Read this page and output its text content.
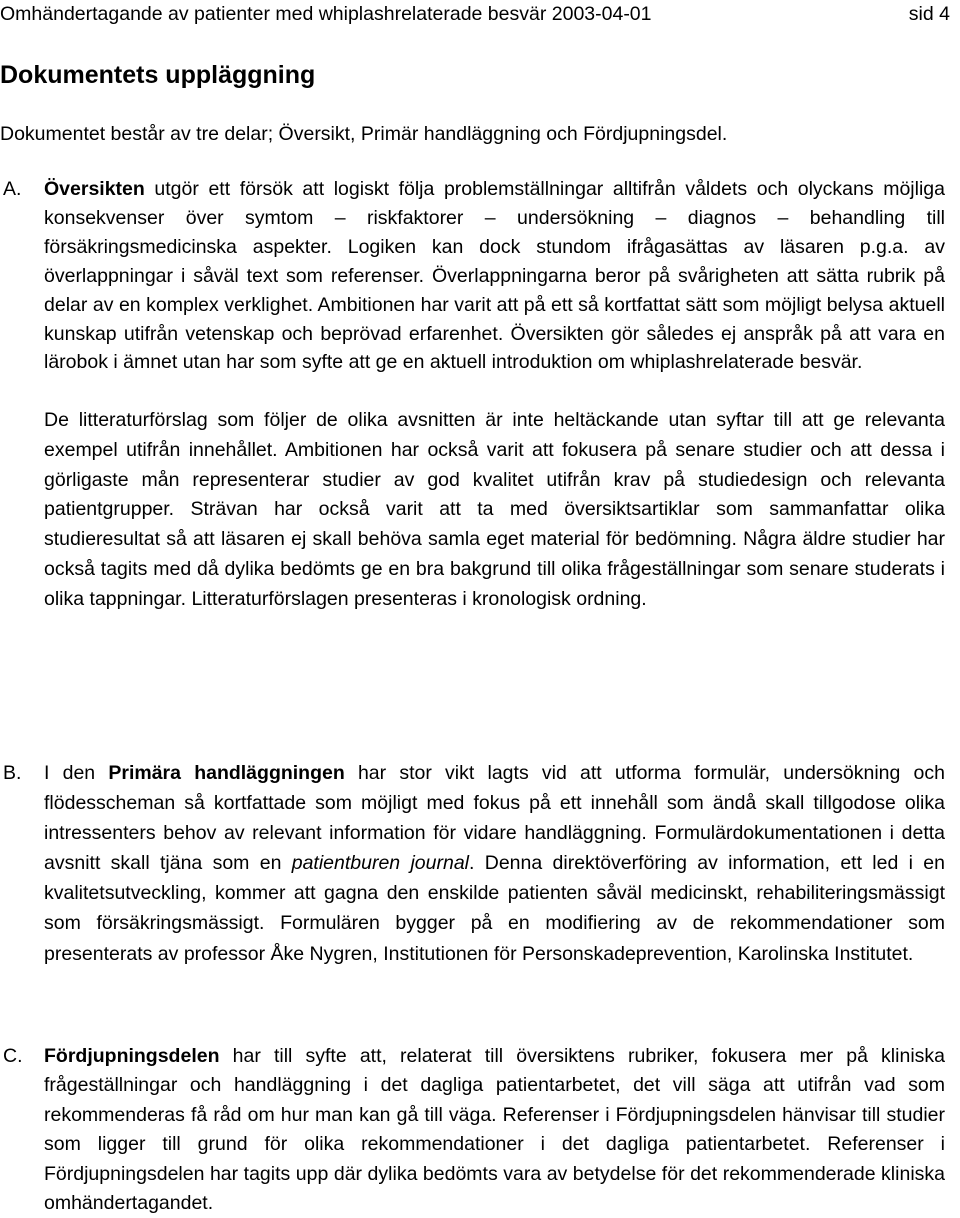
Omhändertagande av patienter med whiplashrelaterade besvär 2003-04-01	sid 4
Dokumentets uppläggning
Dokumentet består av tre delar; Översikt, Primär handläggning och Fördjupningsdel.
A. Översikten utgör ett försök att logiskt följa problemställningar alltifrån våldets och olyckans möjliga konsekvenser över symtom – riskfaktorer – undersökning – diagnos – behandling till försäkringsmedicinska aspekter. Logiken kan dock stundom ifrågasättas av läsaren p.g.a. av överlappningar i såväl text som referenser. Överlappningarna beror på svårigheten att sätta rubrik på delar av en komplex verklighet. Ambitionen har varit att på ett så kortfattat sätt som möjligt belysa aktuell kunskap utifrån vetenskap och beprövad erfarenhet. Översikten gör således ej anspråk på att vara en lärobok i ämnet utan har som syfte att ge en aktuell introduktion om whiplashrelaterade besvär.

De litteraturförslag som följer de olika avsnitten är inte heltäckande utan syftar till att ge relevanta exempel utifrån innehållet. Ambitionen har också varit att fokusera på senare studier och att dessa i görligaste mån representerar studier av god kvalitet utifrån krav på studiedesign och relevanta patientgrupper. Strävan har också varit att ta med översiktsartiklar som sammanfattar olika studieresultat så att läsaren ej skall behöva samla eget material för bedömning. Några äldre studier har också tagits med då dylika bedömts ge en bra bakgrund till olika frågeställningar som senare studerats i olika tappningar. Litteraturförslagen presenteras i kronologisk ordning.

B. I den Primära handläggningen har stor vikt lagts vid att utforma formulär, undersökning och flödesscheman så kortfattade som möjligt med fokus på ett innehåll som ändå skall tillgodose olika intressenters behov av relevant information för vidare handläggning. Formulärdokumentationen i detta avsnitt skall tjäna som en patientburen journal. Denna direktöverföring av information, ett led i en kvalitetsutveckling, kommer att gagna den enskilde patienten såväl medicinskt, rehabiliteringsmässigt som försäkringsmässigt. Formulären bygger på en modifiering av de rekommendationer som presenterats av professor Åke Nygren, Institutionen för Personskadeprevention, Karolinska Institutet.

C. Fördjupningsdelen har till syfte att, relaterat till översiktens rubriker, fokusera mer på kliniska frågeställningar och handläggning i det dagliga patientarbetet, det vill säga att utifrån vad som rekommenderas få råd om hur man kan gå till väga. Referenser i Fördjupningsdelen hänvisar till studier som ligger till grund för olika rekommendationer i det dagliga patientarbetet. Referenser i Fördjupningsdelen har tagits upp där dylika bedömts vara av betydelse för det rekommenderade kliniska omhändertagandet.
